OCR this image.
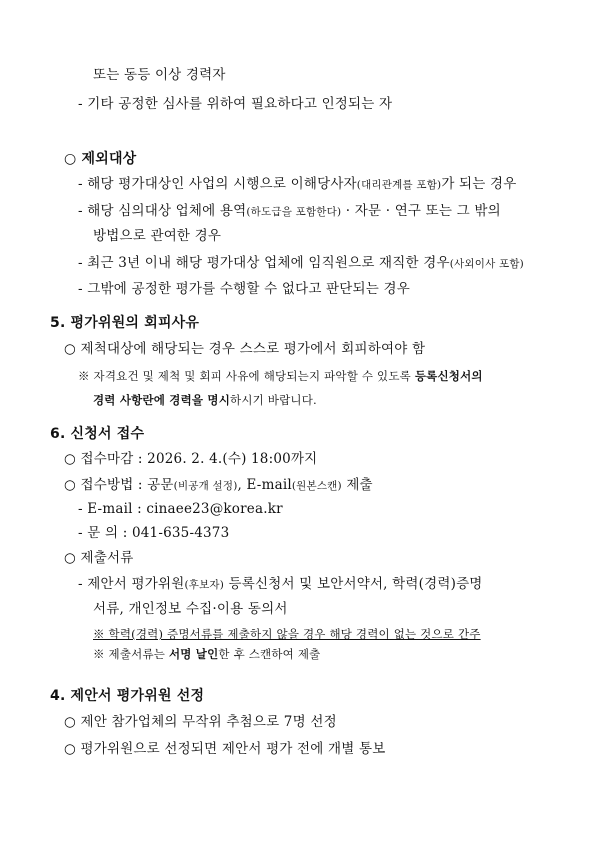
또는 동등 이상 경력자
- 기타 공정한 심사를 위하여 필요하다고 인정되는 자
○ 제외대상
- 해당 평가대상인 사업의 시행으로 이해당사자(대리관계를 포함)가 되는 경우
- 해당 심의대상 업체에 용역(하도급을 포함한다) · 자문 · 연구 또는 그 밖의
방법으로 관여한 경우
- 최근 3년 이내 해당 평가대상 업체에 임직원으로 재직한 경우(사외이사 포함)
- 그밖에 공정한 평가를 수행할 수 없다고 판단되는 경우
5. 평가위원의 회피사유
○ 제척대상에 해당되는 경우 스스로 평가에서 회피하여야 함
※ 자격요건 및 제척 및 회피 사유에 해당되는지 파악할 수 있도록 등록신청서의
경력 사항란에 경력을 명시하시기 바랍니다.
6. 신청서 접수
○ 접수마감 : 2026. 2. 4.(수) 18:00까지
○ 접수방법 : 공문(비공개 설정), E-mail(원본스캔) 제출
- E-mail : cinaee23@korea.kr
- 문 의 : 041-635-4373
○ 제출서류
- 제안서 평가위원(후보자) 등록신청서 및 보안서약서, 학력(경력)증명
서류, 개인정보 수집·이용 동의서
※ 학력(경력) 증명서류를 제출하지 않을 경우 해당 경력이 없는 것으로 간주
※ 제출서류는 서명 날인한 후 스캔하여 제출
4. 제안서 평가위원 선정
○ 제안 참가업체의 무작위 추첨으로 7명 선정
○ 평가위원으로 선정되면 제안서 평가 전에 개별 통보
